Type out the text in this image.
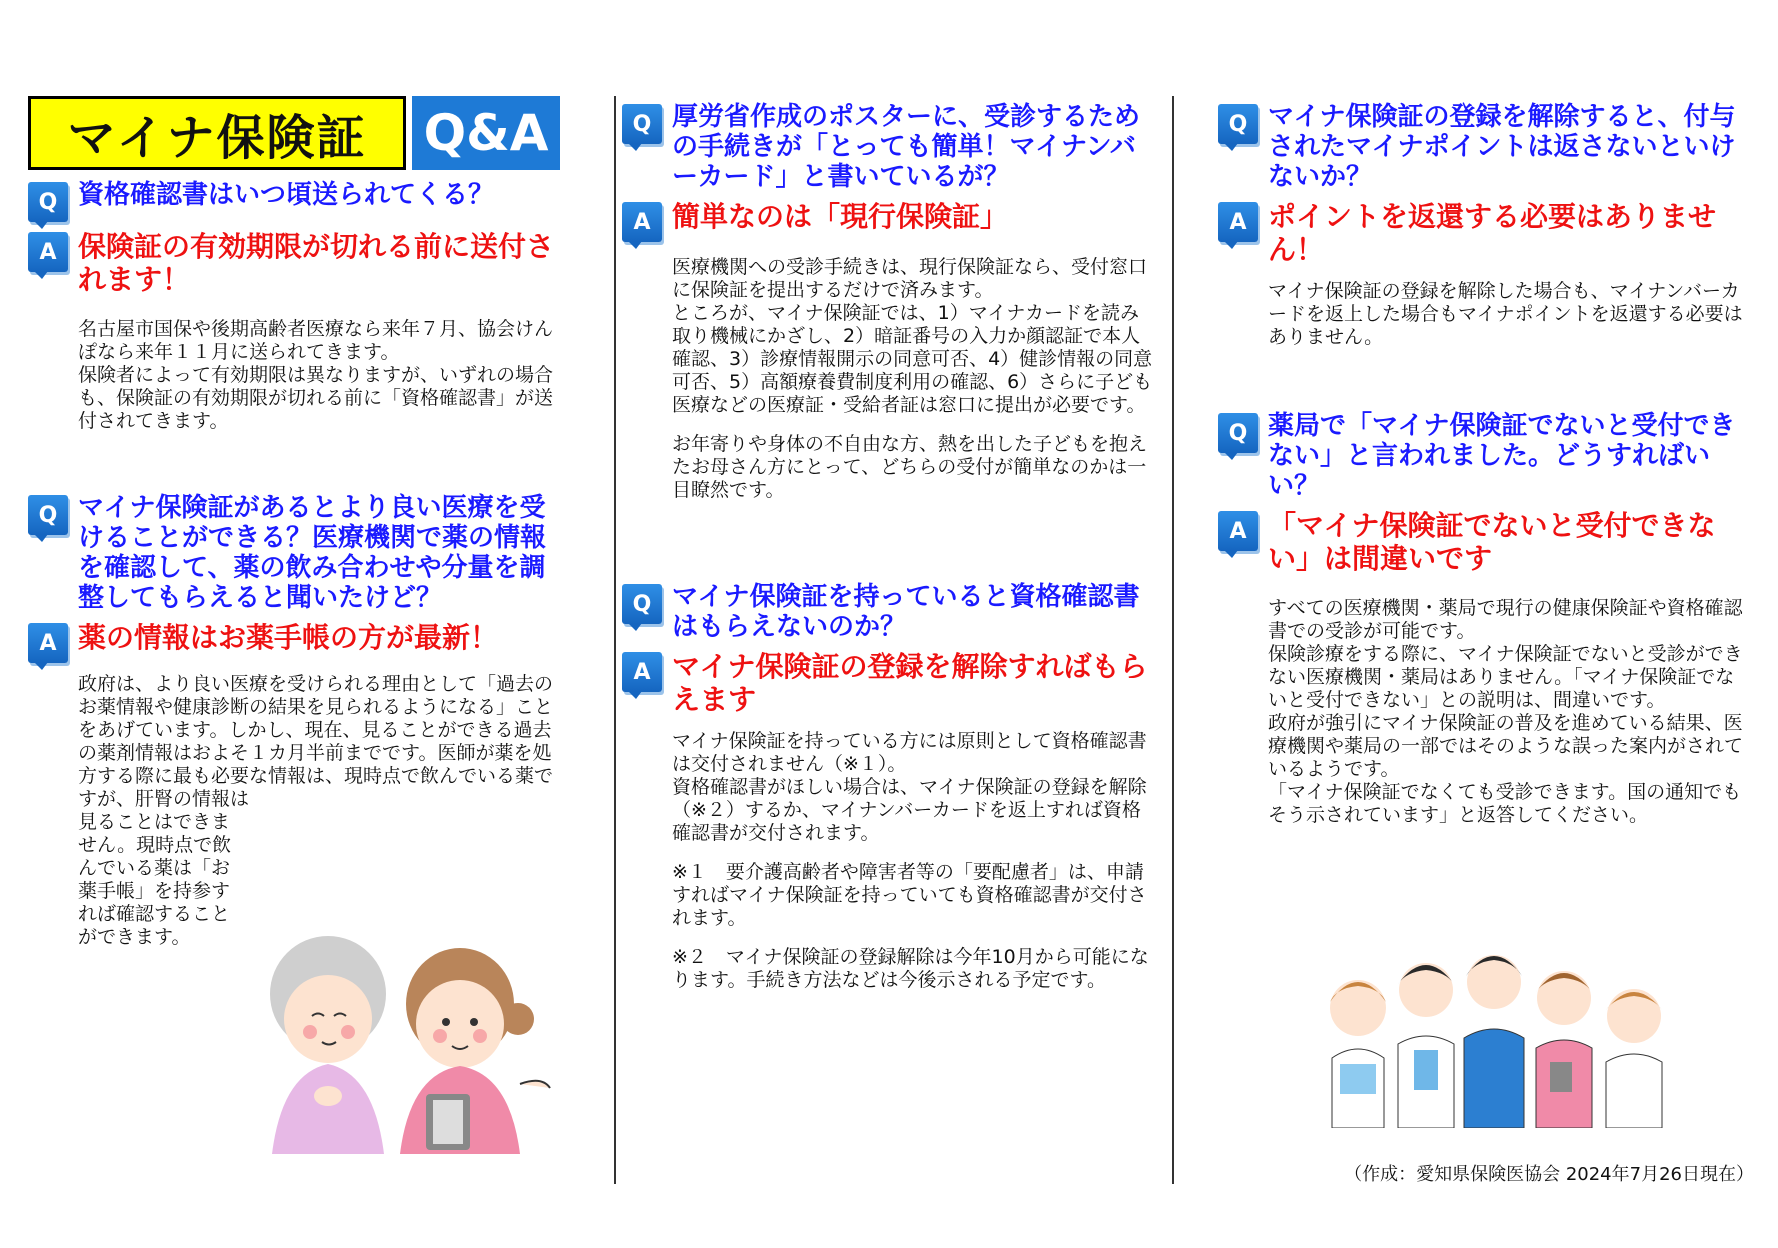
マイナ保険証	Q&A
Q 資格確認書はいつ頃送られてくる？
A 保険証の有効期限が切れる前に送付されます！
名古屋市国保や後期高齢者医療なら来年７月、協会けんぽなら来年１１月に送られてきます。
保険者によって有効期限は異なりますが、いずれの場合も、保険証の有効期限が切れる前に「資格確認書」が送付されてきます。
Q マイナ保険証があるとより良い医療を受けることができる？医療機関で薬の情報を確認して、薬の飲み合わせや分量を調整してもらえると聞いたけど？
A 薬の情報はお薬手帳の方が最新！
政府は、より良い医療を受けられる理由として「過去のお薬情報や健康診断の結果を見られるようになる」ことをあげています。しかし、現在、見ることができる過去の薬剤情報はおよそ１カ月半前までです。医師が薬を処方する際に最も必要な情報は、現時点で飲んでいる薬ですが、肝腎の情報は
見ることはできません。現時点で飲んでいる薬は「お薬手帳」を持参すれば確認することができます。
Q 厚労省作成のポスターに、受診するための手続きが「とっても簡単！マイナンバーカード」と書いているが？
A 簡単なのは「現行保険証」
医療機関への受診手続きは、現行保険証なら、受付窓口に保険証を提出するだけで済みます。
ところが、マイナ保険証では、1）マイナカードを読み取り機械にかざし、2）暗証番号の入力か顔認証で本人確認、3）診療情報開示の同意可否、4）健診情報の同意可否、5）高額療養費制度利用の確認、6）さらに子ども医療などの医療証・受給者証は窓口に提出が必要です。
お年寄りや身体の不自由な方、熱を出した子どもを抱えたお母さん方にとって、どちらの受付が簡単なのかは一目瞭然です。
Q マイナ保険証を持っていると資格確認書はもらえないのか？
A マイナ保険証の登録を解除すればもらえます
マイナ保険証を持っている方には原則として資格確認書は交付されません（※１）。
資格確認書がほしい場合は、マイナ保険証の登録を解除（※２）するか、マイナンバーカードを返上すれば資格確認書が交付されます。
※１　要介護高齢者や障害者等の「要配慮者」は、申請すればマイナ保険証を持っていても資格確認書が交付されます。
※２　マイナ保険証の登録解除は今年10月から可能になります。手続き方法などは今後示される予定です。
Q マイナ保険証の登録を解除すると、付与されたマイナポイントは返さないといけないか？
A ポイントを返還する必要はありません！
マイナ保険証の登録を解除した場合も、マイナンバーカードを返上した場合もマイナポイントを返還する必要はありません。
Q 薬局で「マイナ保険証でないと受付できない」と言われました。どうすればいい？
A 「マイナ保険証でないと受付できない」は間違いです
すべての医療機関・薬局で現行の健康保険証や資格確認書での受診が可能です。
保険診療をする際に、マイナ保険証でないと受診ができない医療機関・薬局はありません。「マイナ保険証でないと受付できない」との説明は、間違いです。
政府が強引にマイナ保険証の普及を進めている結果、医療機関や薬局の一部ではそのような誤った案内がされているようです。
「マイナ保険証でなくても受診できます。国の通知でもそう示されています」と返答してください。
（作成：愛知県保険医協会 2024年7月26日現在）
